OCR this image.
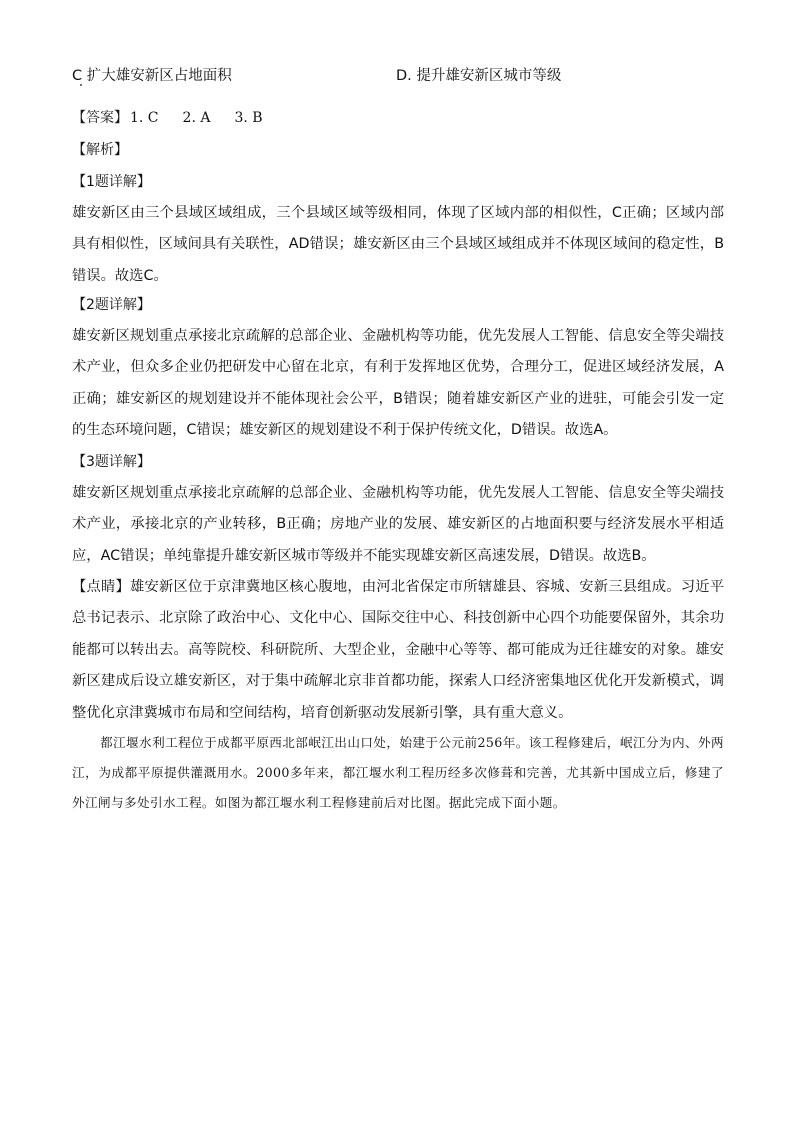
C 扩大雄安新区占地面积	D. 提升雄安新区城市等级
【答案】 1. C 2. A 3. B
【解析】
【1题详解】
雄安新区由三个县域区域组成，三个县域区域等级相同，体现了区域内部的相似性，C正确；区域内部具有相似性，区域间具有关联性，AD错误；雄安新区由三个县域区域组成并不体现区域间的稳定性，B错误。故选C。
【2题详解】
雄安新区规划重点承接北京疏解的总部企业、金融机构等功能，优先发展人工智能、信息安全等尖端技术产业，但众多企业仍把研发中心留在北京，有利于发挥地区优势，合理分工，促进区域经济发展，A正确；雄安新区的规划建设并不能体现社会公平，B错误；随着雄安新区产业的进驻，可能会引发一定的生态环境问题，C错误；雄安新区的规划建设不利于保护传统文化，D错误。故选A。
【3题详解】
雄安新区规划重点承接北京疏解的总部企业、金融机构等功能，优先发展人工智能、信息安全等尖端技术产业，承接北京的产业转移，B正确；房地产业的发展、雄安新区的占地面积要与经济发展水平相适应，AC错误；单纯靠提升雄安新区城市等级并不能实现雄安新区高速发展，D错误。故选B。
【点睛】雄安新区位于京津冀地区核心腹地，由河北省保定市所辖雄县、容城、安新三县组成。习近平总书记表示、北京除了政治中心、文化中心、国际交往中心、科技创新中心四个功能要保留外，其余功能都可以转出去。高等院校、科研院所、大型企业，金融中心等等、都可能成为迁往雄安的对象。雄安新区建成后设立雄安新区，对于集中疏解北京非首都功能，探索人口经济密集地区优化开发新模式，调整优化京津冀城市布局和空间结构，培育创新驱动发展新引擎，具有重大意义。
都江堰水利工程位于成都平原西北部岷江出山口处，始建于公元前256年。该工程修建后，岷江分为内、外两江，为成都平原提供灌溉用水。2000多年来，都江堰水利工程历经多次修葺和完善，尤其新中国成立后，修建了外江闸与多处引水工程。如图为都江堰水利工程修建前后对比图。据此完成下面小题。
